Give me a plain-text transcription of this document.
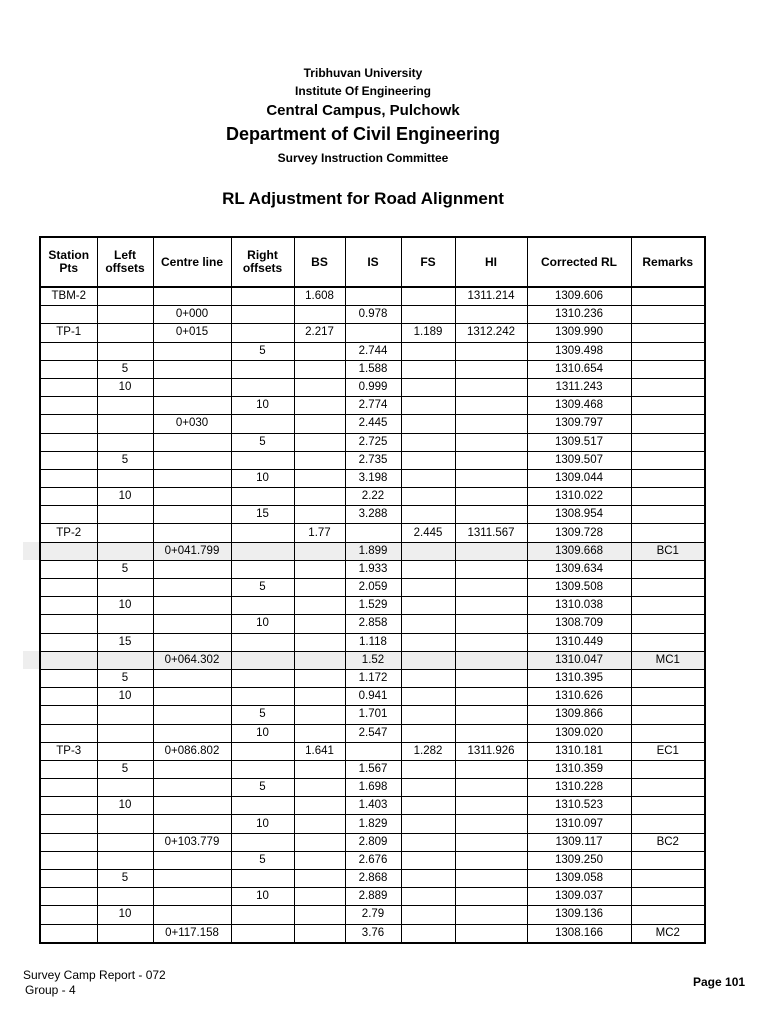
Tribhuvan University
Institute Of Engineering
Central Campus, Pulchowk
Department of Civil Engineering
Survey Instruction Committee
RL Adjustment for Road Alignment
Station Pts	Left offsets	Centre line	Right offsets	BS	IS	FS	HI	Corrected RL	Remarks
TBM-2				1.608			1311.214	1309.606	
		0+000			0.978			1310.236	
TP-1		0+015		2.217		1.189	1312.242	1309.990	
			5		2.744			1309.498	
	5				1.588			1310.654	
	10				0.999			1311.243	
			10		2.774			1309.468	
		0+030			2.445			1309.797	
			5		2.725			1309.517	
	5				2.735			1309.507	
			10		3.198			1309.044	
	10				2.22			1310.022	
			15		3.288			1308.954	
TP-2				1.77		2.445	1311.567	1309.728	
		0+041.799			1.899			1309.668	BC1
	5				1.933			1309.634	
			5		2.059			1309.508	
	10				1.529			1310.038	
			10		2.858			1308.709	
	15				1.118			1310.449	
		0+064.302			1.52			1310.047	MC1
	5				1.172			1310.395	
	10				0.941			1310.626	
			5		1.701			1309.866	
			10		2.547			1309.020	
TP-3		0+086.802		1.641		1.282	1311.926	1310.181	EC1
	5				1.567			1310.359	
			5		1.698			1310.228	
	10				1.403			1310.523	
			10		1.829			1310.097	
		0+103.779			2.809			1309.117	BC2
			5		2.676			1309.250	
	5				2.868			1309.058	
			10		2.889			1309.037	
	10				2.79			1309.136	
		0+117.158			3.76			1308.166	MC2
Survey Camp Report - 072
Group - 4
Page 101
